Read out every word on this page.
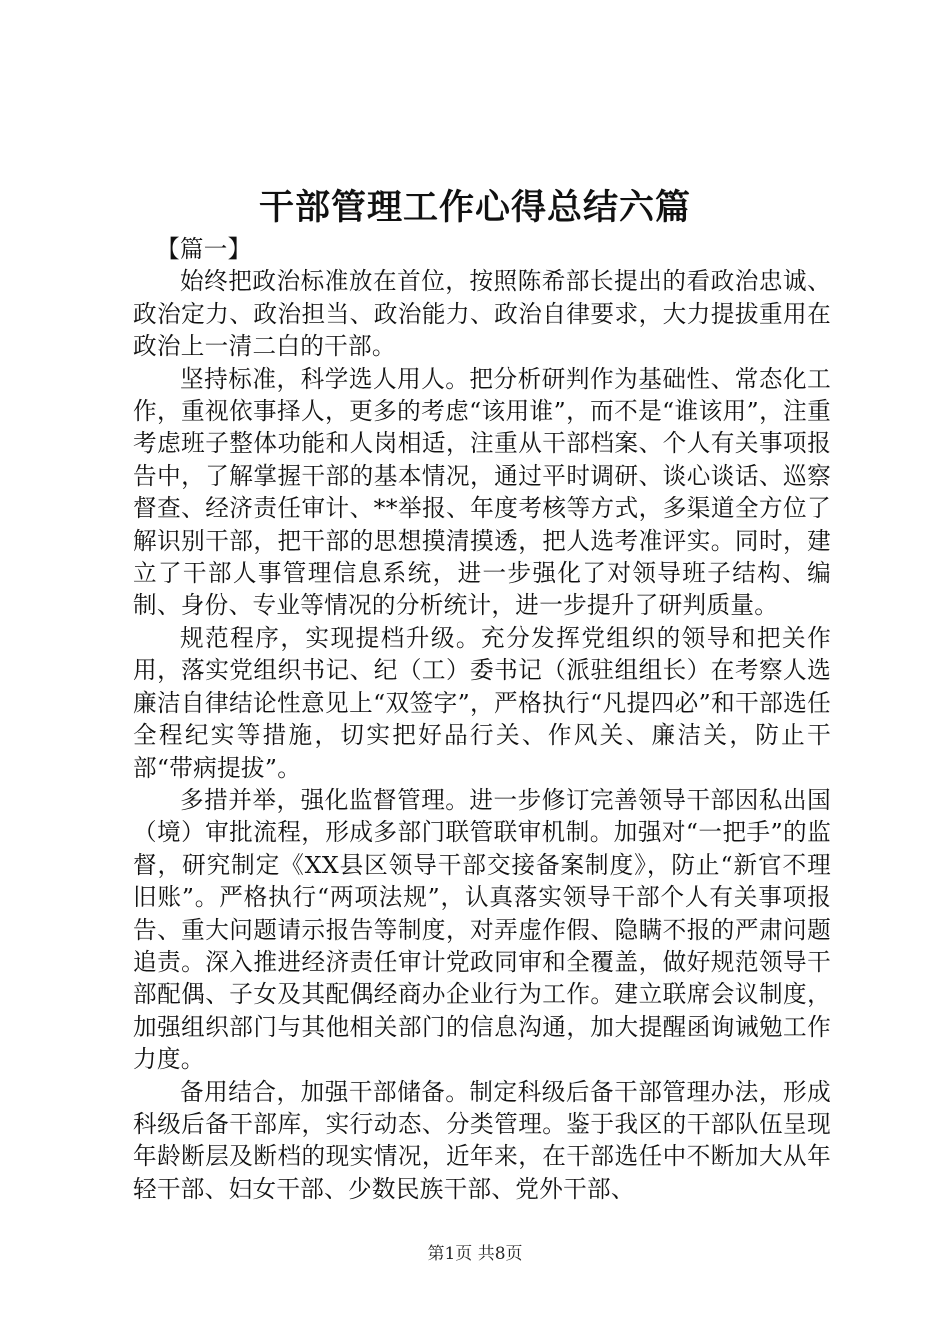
干部管理工作心得总结六篇

【篇一】

始终把政治标准放在首位，按照陈希部长提出的看政治忠诚、政治定力、政治担当、政治能力、政治自律要求，大力提拔重用在政治上一清二白的干部。

坚持标准，科学选人用人。把分析研判作为基础性、常态化工作，重视依事择人，更多的考虑“该用谁”，而不是“谁该用”，注重考虑班子整体功能和人岗相适，注重从干部档案、个人有关事项报告中，了解掌握干部的基本情况，通过平时调研、谈心谈话、巡察督查、经济责任审计、**举报、年度考核等方式，多渠道全方位了解识别干部，把干部的思想摸清摸透，把人选考准评实。同时，建立了干部人事管理信息系统，进一步强化了对领导班子结构、编制、身份、专业等情况的分析统计，进一步提升了研判质量。

规范程序，实现提档升级。充分发挥党组织的领导和把关作用，落实党组织书记、纪（工）委书记（派驻组组长）在考察人选廉洁自律结论性意见上“双签字”，严格执行“凡提四必”和干部选任全程纪实等措施，切实把好品行关、作风关、廉洁关，防止干部“带病提拔”。

多措并举，强化监督管理。进一步修订完善领导干部因私出国（境）审批流程，形成多部门联管联审机制。加强对“一把手”的监督，研究制定《XX县区领导干部交接备案制度》，防止“新官不理旧账”。严格执行“两项法规”，认真落实领导干部个人有关事项报告、重大问题请示报告等制度，对弄虚作假、隐瞒不报的严肃问题追责。深入推进经济责任审计党政同审和全覆盖，做好规范领导干部配偶、子女及其配偶经商办企业行为工作。建立联席会议制度，加强组织部门与其他相关部门的信息沟通，加大提醒函询诫勉工作力度。

备用结合，加强干部储备。制定科级后备干部管理办法，形成科级后备干部库，实行动态、分类管理。鉴于我区的干部队伍呈现年龄断层及断档的现实情况，近年来，在干部选任中不断加大从年轻干部、妇女干部、少数民族干部、党外干部、

第1页 共8页
